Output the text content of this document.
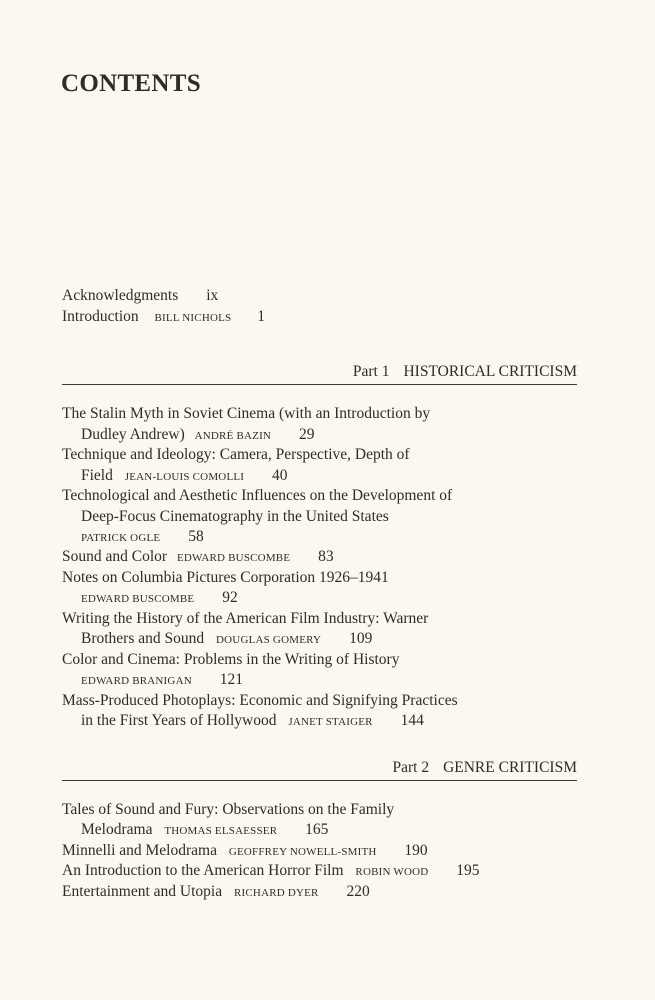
CONTENTS
Acknowledgments ix
Introduction BILL NICHOLS 1
Part 1 HISTORICAL CRITICISM
The Stalin Myth in Soviet Cinema (with an Introduction by
Dudley Andrew) ANDRÉ BAZIN 29
Technique and Ideology: Camera, Perspective, Depth of
Field JEAN-LOUIS COMOLLI 40
Technological and Aesthetic Influences on the Development of
Deep-Focus Cinematography in the United States
PATRICK OGLE 58
Sound and Color EDWARD BUSCOMBE 83
Notes on Columbia Pictures Corporation 1926–1941
EDWARD BUSCOMBE 92
Writing the History of the American Film Industry: Warner
Brothers and Sound DOUGLAS GOMERY 109
Color and Cinema: Problems in the Writing of History
EDWARD BRANIGAN 121
Mass-Produced Photoplays: Economic and Signifying Practices
in the First Years of Hollywood JANET STAIGER 144
Part 2 GENRE CRITICISM
Tales of Sound and Fury: Observations on the Family
Melodrama THOMAS ELSAESSER 165
Minnelli and Melodrama GEOFFREY NOWELL-SMITH 190
An Introduction to the American Horror Film ROBIN WOOD 195
Entertainment and Utopia RICHARD DYER 220
